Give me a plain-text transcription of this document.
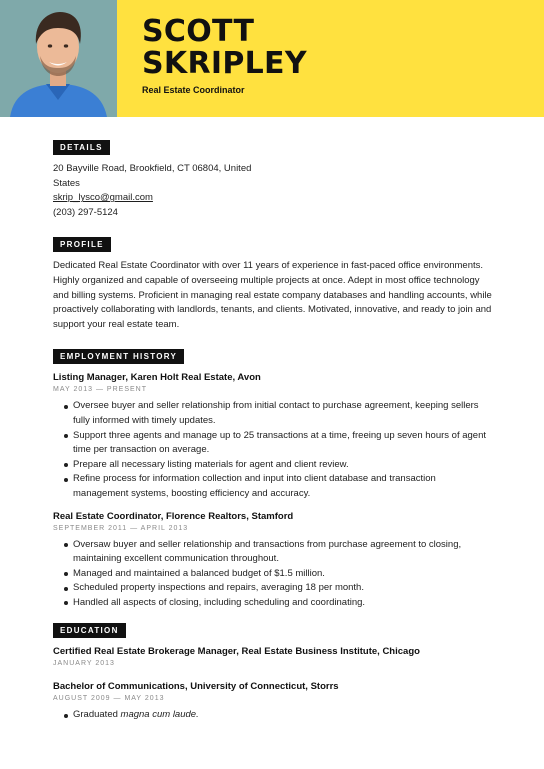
SCOTT
SKRIPLEY
Real Estate Coordinator
DETAILS
20 Bayville Road, Brookfield, CT 06804, United
States
skrip_lysco@gmail.com
(203) 297-5124
PROFILE
Dedicated Real Estate Coordinator with over 11 years of experience in fast-paced office environments. Highly organized and capable of overseeing multiple projects at once. Adept in most office technology and billing systems. Proficient in managing real estate company databases and handling accounts, while proactively collaborating with landlords, tenants, and clients. Motivated, innovative, and ready to join and support your real estate team.
EMPLOYMENT HISTORY
Listing Manager, Karen Holt Real Estate, Avon
MAY 2013 — PRESENT
Oversee buyer and seller relationship from initial contact to purchase agreement, keeping sellers fully informed with timely updates.
Support three agents and manage up to 25 transactions at a time, freeing up seven hours of agent time per transaction on average.
Prepare all necessary listing materials for agent and client review.
Refine process for information collection and input into client database and transaction management systems, boosting efficiency and accuracy.
Real Estate Coordinator, Florence Realtors, Stamford
SEPTEMBER 2011 — APRIL 2013
Oversaw buyer and seller relationship and transactions from purchase agreement to closing, maintaining excellent communication throughout.
Managed and maintained a balanced budget of $1.5 million.
Scheduled property inspections and repairs, averaging 18 per month.
Handled all aspects of closing, including scheduling and coordinating.
EDUCATION
Certified Real Estate Brokerage Manager, Real Estate Business Institute, Chicago
JANUARY 2013
Bachelor of Communications, University of Connecticut, Storrs
AUGUST 2009 — MAY 2013
Graduated magna cum laude.
